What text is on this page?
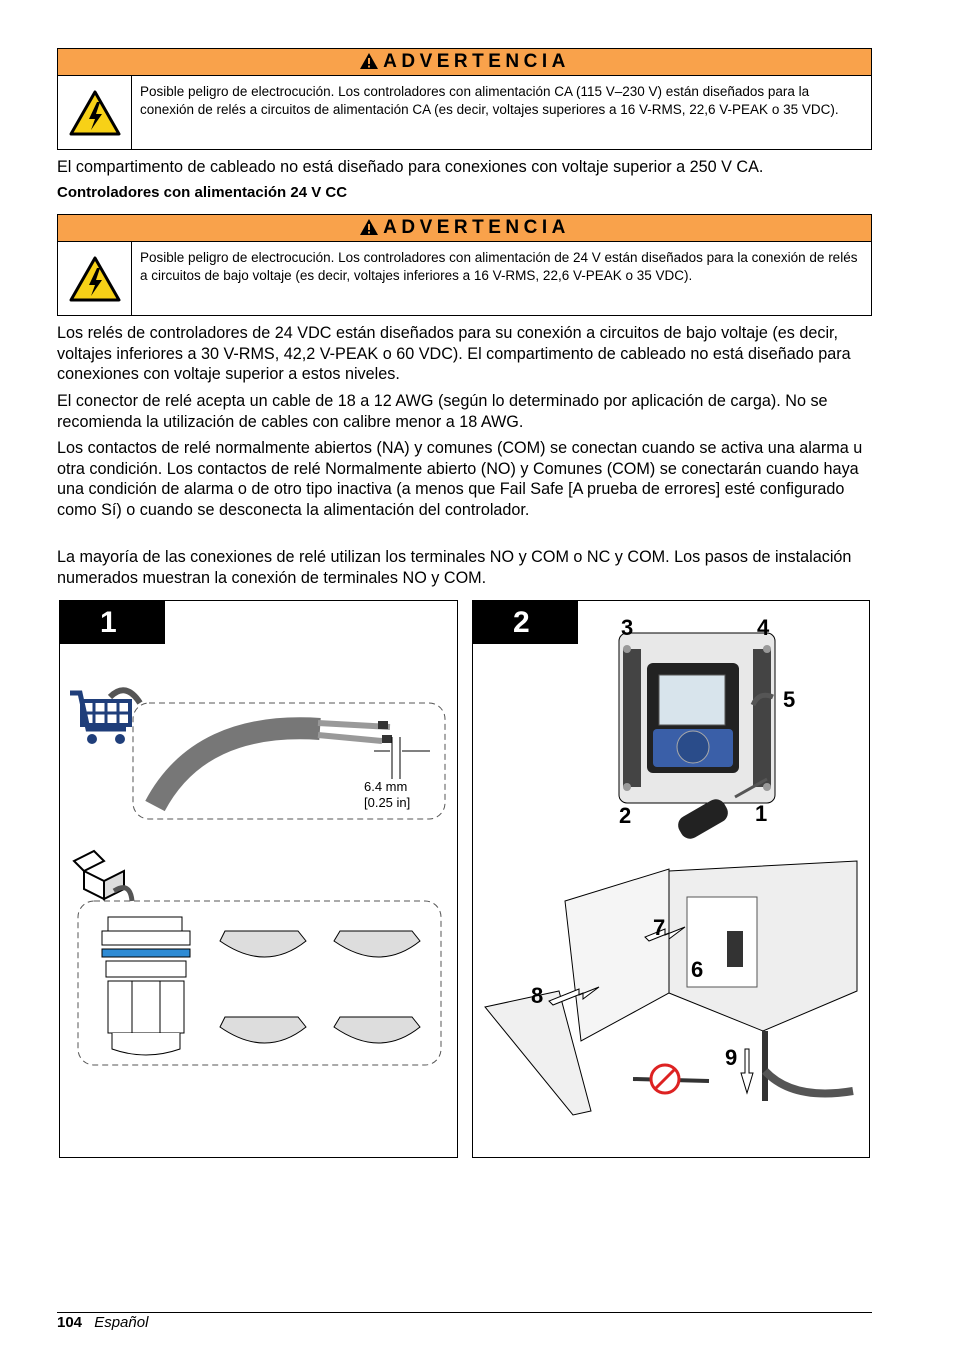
ADVERTENCIA
Posible peligro de electrocución. Los controladores con alimentación CA (115 V–230 V) están diseñados para la conexión de relés a circuitos de alimentación CA (es decir, voltajes superiores a 16 V-RMS, 22,6 V-PEAK o 35 VDC).

El compartimento de cableado no está diseñado para conexiones con voltaje superior a 250 V CA.

Controladores con alimentación 24 V CC
ADVERTENCIA
Posible peligro de electrocución. Los controladores con alimentación de 24 V están diseñados para la conexión de relés a circuitos de bajo voltaje (es decir, voltajes inferiores a 16 V-RMS, 22,6 V-PEAK o 35 VDC).

Los relés de controladores de 24 VDC están diseñados para su conexión a circuitos de bajo voltaje (es decir, voltajes inferiores a 30 V-RMS, 42,2 V-PEAK o 60 VDC). El compartimento de cableado no está diseñado para conexiones con voltaje superior a estos niveles.

El conector de relé acepta un cable de 18 a 12 AWG (según lo determinado por aplicación de carga). No se recomienda la utilización de cables con calibre menor a 18 AWG.

Los contactos de relé normalmente abiertos (NA) y comunes (COM) se conectan cuando se activa una alarma u otra condición. Los contactos de relé Normalmente abierto (NO) y Comunes (COM) se conectarán cuando haya una condición de alarma o de otro tipo inactiva (a menos que Fail Safe [A prueba de errores] esté configurado como Sí) o cuando se desconecta la alimentación del controlador.

La mayoría de las conexiones de relé utilizan los terminales NO y COM o NC y COM. Los pasos de instalación numerados muestran la conexión de terminales NO y COM.

1
6.4 mm
[0.25 in]
2	3	4
5
2	1
7
6
8
9
104 Español
